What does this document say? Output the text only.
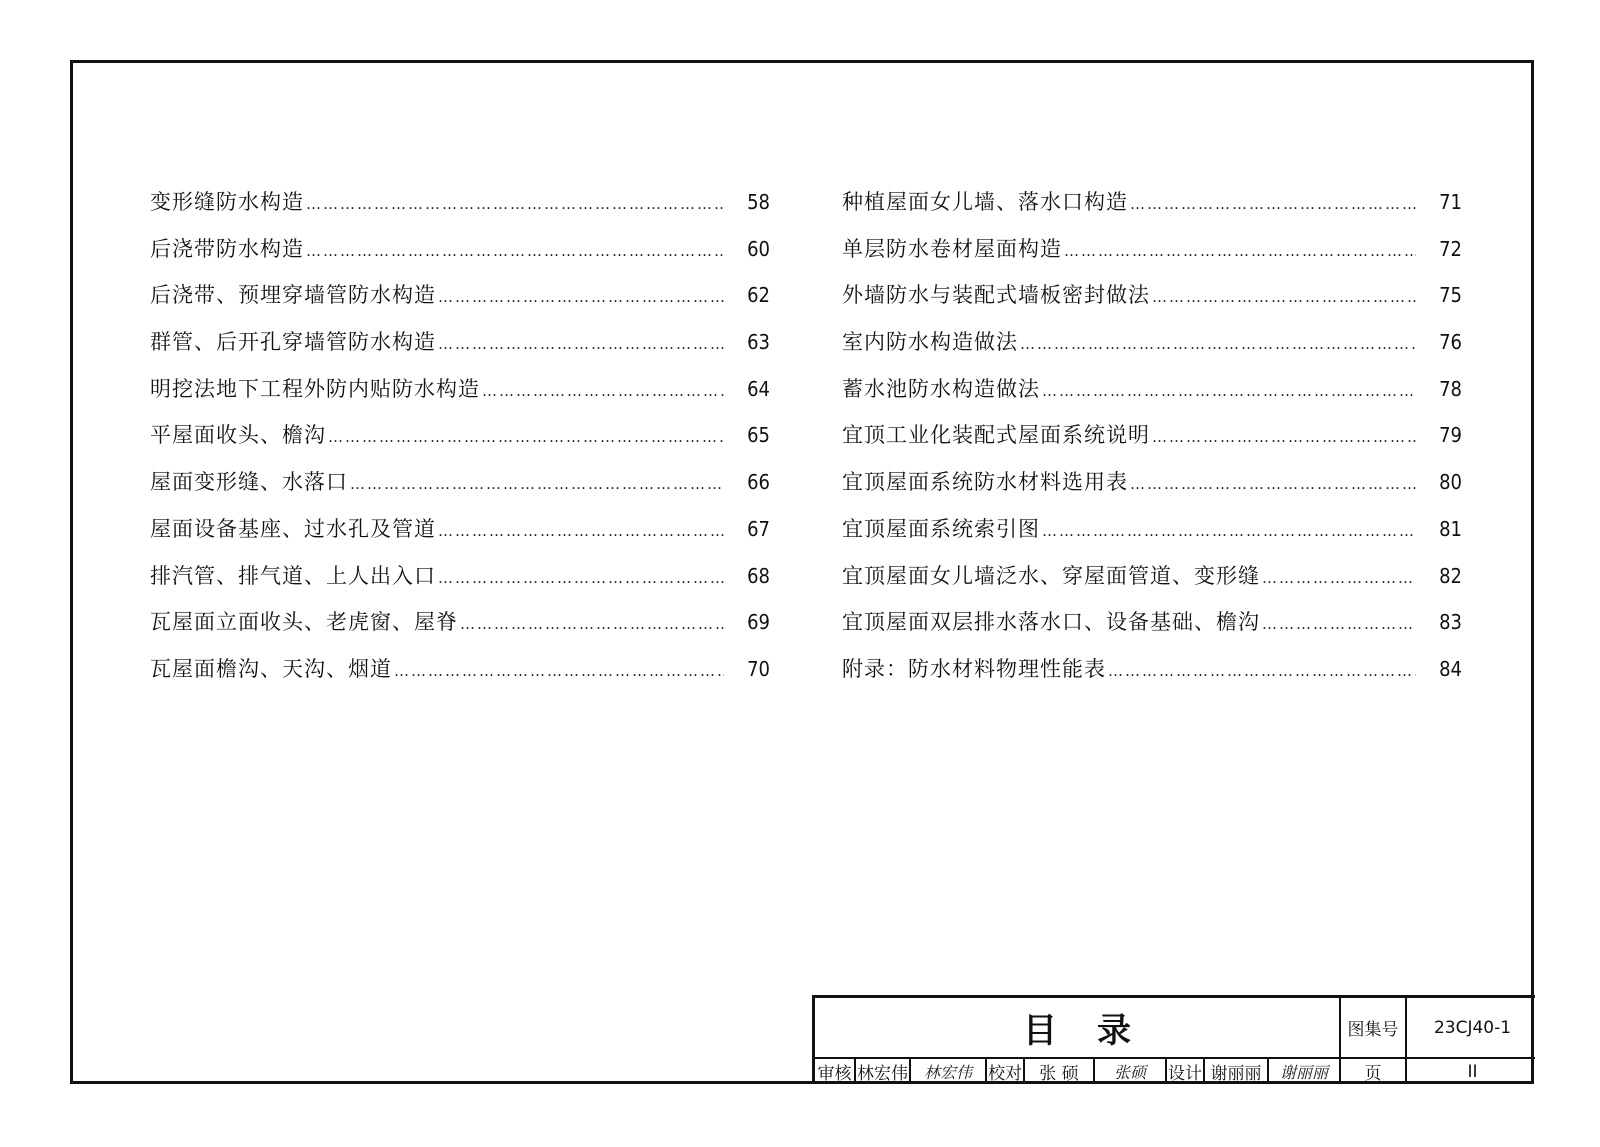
变形缝防水构造 ………………………………………………………………………………………………………………………………………………………………………………………………………………………………	58
后浇带防水构造 ………………………………………………………………………………………………………………………………………………………………………………………………………………………………	60
后浇带、预埋穿墙管防水构造 ………………………………………………………………………………………………………………………………………………………………………………………………………………………………	62
群管、后开孔穿墙管防水构造 ………………………………………………………………………………………………………………………………………………………………………………………………………………………………	63
明挖法地下工程外防内贴防水构造 ………………………………………………………………………………………………………………………………………………………………………………………………………………………………	64
平屋面收头、檐沟 ………………………………………………………………………………………………………………………………………………………………………………………………………………………………	65
屋面变形缝、水落口 ………………………………………………………………………………………………………………………………………………………………………………………………………………………………	66
屋面设备基座、过水孔及管道 ………………………………………………………………………………………………………………………………………………………………………………………………………………………………	67
排汽管、排气道、上人出入口 ………………………………………………………………………………………………………………………………………………………………………………………………………………………………	68
瓦屋面立面收头、老虎窗、屋脊 ………………………………………………………………………………………………………………………………………………………………………………………………………………………………	69
瓦屋面檐沟、天沟、烟道 ………………………………………………………………………………………………………………………………………………………………………………………………………………………………	70
种植屋面女儿墙、落水口构造 ………………………………………………………………………………………………………………………………………………………………………………………………………………………………	71
单层防水卷材屋面构造 ………………………………………………………………………………………………………………………………………………………………………………………………………………………………	72
外墙防水与装配式墙板密封做法 ………………………………………………………………………………………………………………………………………………………………………………………………………………………………	75
室内防水构造做法 ………………………………………………………………………………………………………………………………………………………………………………………………………………………………	76
蓄水池防水构造做法 ………………………………………………………………………………………………………………………………………………………………………………………………………………………………	78
宜顶工业化装配式屋面系统说明 ………………………………………………………………………………………………………………………………………………………………………………………………………………………………	79
宜顶屋面系统防水材料选用表 ………………………………………………………………………………………………………………………………………………………………………………………………………………………………	80
宜顶屋面系统索引图 ………………………………………………………………………………………………………………………………………………………………………………………………………………………………	81
宜顶屋面女儿墙泛水、穿屋面管道、变形缝 ………………………………………………………………………………………………………………………………………………………………………………………………………………………………	82
宜顶屋面双层排水落水口、设备基础、檐沟 ………………………………………………………………………………………………………………………………………………………………………………………………………………………………	83
附录：防水材料物理性能表 ………………………………………………………………………………………………………………………………………………………………………………………………………………………………	84
目录	图集号	23CJ40-1
审核 林宏伟 林宏伟 校对	张 硕	张硕	设计 谢丽丽	谢丽丽	页	II
